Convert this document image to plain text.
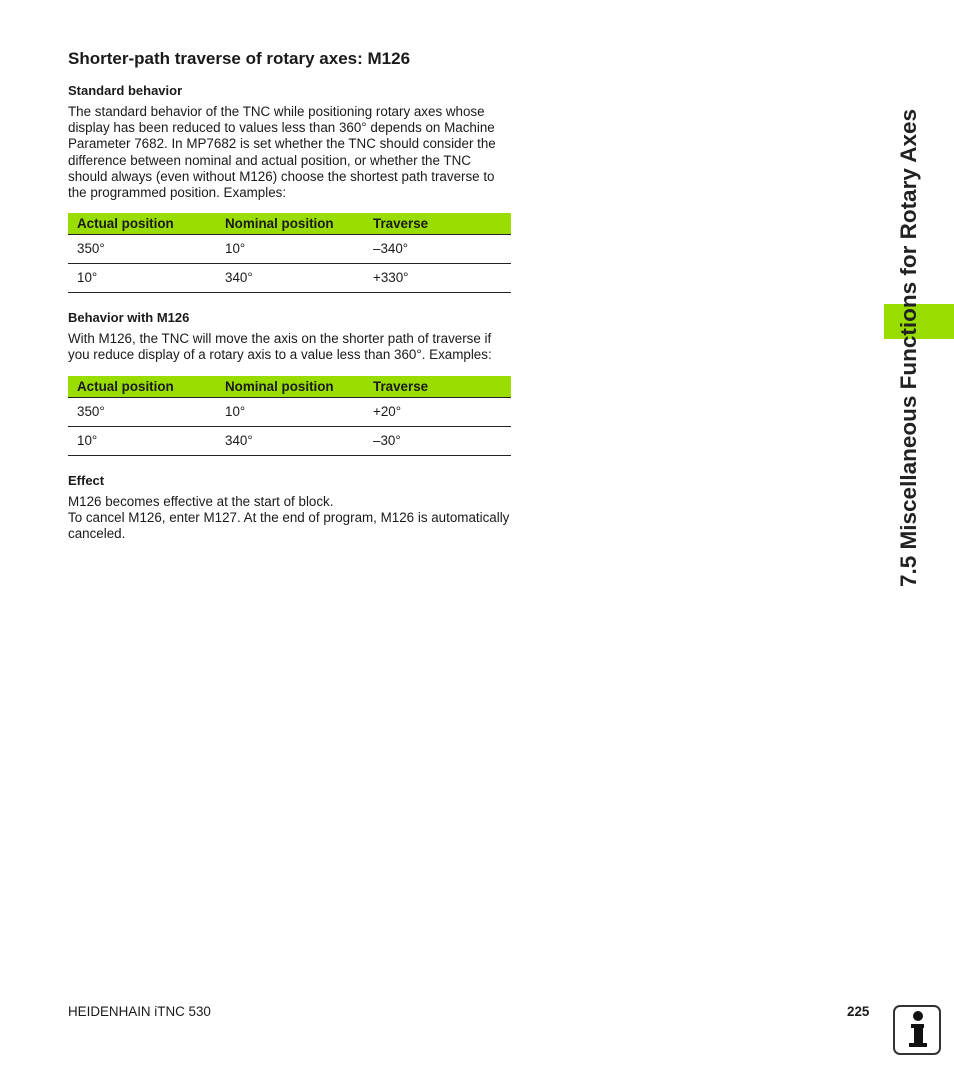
Shorter-path traverse of rotary axes: M126
Standard behavior

The standard behavior of the TNC while positioning rotary axes whose display has been reduced to values less than 360° depends on Machine Parameter 7682. In MP7682 is set whether the TNC should consider the difference between nominal and actual position, or whether the TNC should always (even without M126) choose the shortest path traverse to the programmed position. Examples:

Actual position	Nominal position	Traverse
350°	10°	–340°
10°	340°	+330°
Behavior with M126

With M126, the TNC will move the axis on the shorter path of traverse if you reduce display of a rotary axis to a value less than 360°. Examples:

Actual position	Nominal position	Traverse
350°	10°	+20°
10°	340°	–30°
Effect

M126 becomes effective at the start of block.

To cancel M126, enter M127. At the end of program, M126 is automatically canceled.	7.5 Miscellaneous Functions for Rotary Axes
HEIDENHAIN iTNC 530	225
